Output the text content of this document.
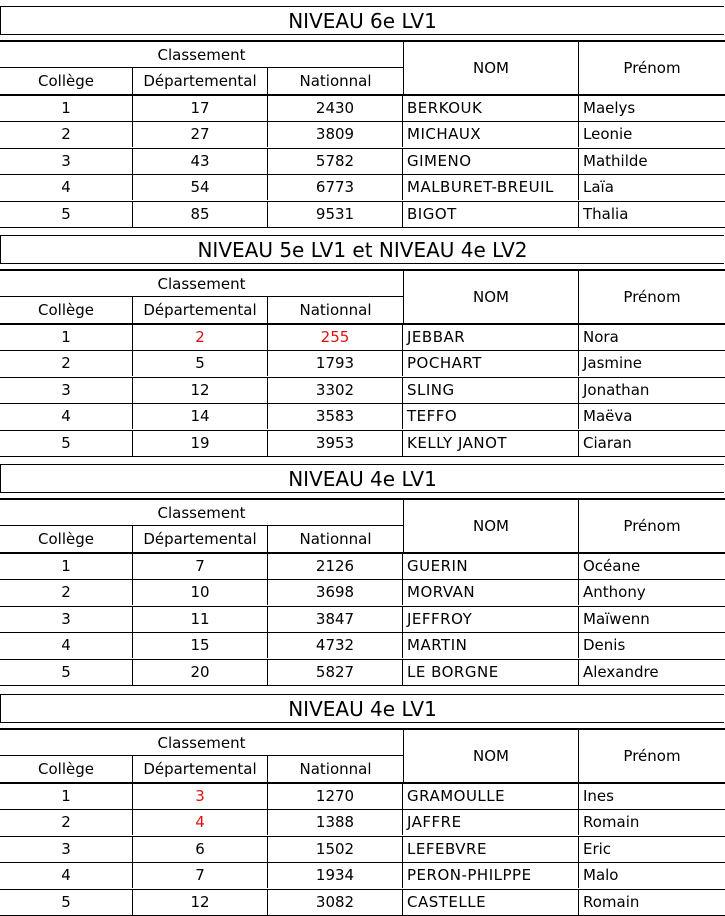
NIVEAU 6e LV1
Classement
Collège	Départemental	Nationnal
NOM	Prénom
1	17	2430	BERKOUK	Maelys
2	27	3809	MICHAUX	Leonie
3	43	5782	GIMENO	Mathilde
4	54	6773	MALBURET-BREUIL	Laïa
5	85	9531	BIGOT	Thalia
NIVEAU 5e LV1 et NIVEAU 4e LV2
Classement
Collège	Départemental	Nationnal
NOM	Prénom
1	2	255	JEBBAR	Nora
2	5	1793	POCHART	Jasmine
3	12	3302	SLING	Jonathan
4	14	3583	TEFFO	Maëva
5	19	3953	KELLY JANOT	Ciaran
NIVEAU 4e LV1
Classement
Collège	Départemental	Nationnal
NOM	Prénom
1	7	2126	GUERIN	Océane
2	10	3698	MORVAN	Anthony
3	11	3847	JEFFROY	Maïwenn
4	15	4732	MARTIN	Denis
5	20	5827	LE BORGNE	Alexandre
NIVEAU 4e LV1
Classement
Collège	Départemental	Nationnal
NOM	Prénom
1	3	1270	GRAMOULLE	Ines
2	4	1388	JAFFRE	Romain
3	6	1502	LEFEBVRE	Eric
4	7	1934	PERON-PHILPPE	Malo
5	12	3082	CASTELLE	Romain
